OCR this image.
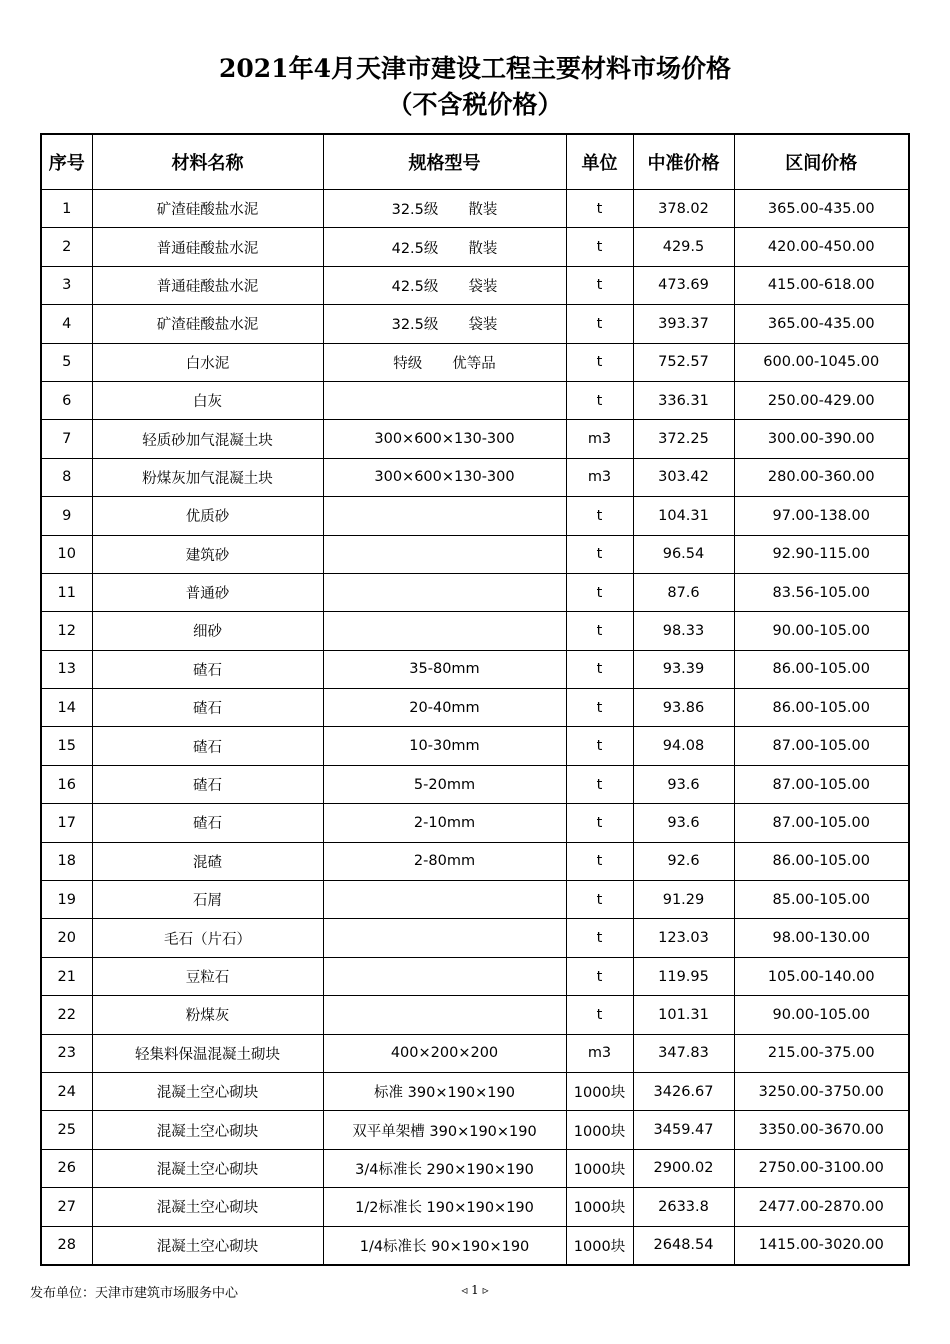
2021年4月天津市建设工程主要材料市场价格
（不含税价格）
序号	材料名称	规格型号	单位	中准价格	区间价格
1	矿渣硅酸盐水泥	32.5级 散装	t	378.02	365.00-435.00
2	普通硅酸盐水泥	42.5级 散装	t	429.5	420.00-450.00
3	普通硅酸盐水泥	42.5级 袋装	t	473.69	415.00-618.00
4	矿渣硅酸盐水泥	32.5级 袋装	t	393.37	365.00-435.00
5	白水泥	特级 优等品	t	752.57	600.00-1045.00
6	白灰		t	336.31	250.00-429.00
7	轻质砂加气混凝土块	300×600×130-300	m3	372.25	300.00-390.00
8	粉煤灰加气混凝土块	300×600×130-300	m3	303.42	280.00-360.00
9	优质砂		t	104.31	97.00-138.00
10	建筑砂		t	96.54	92.90-115.00
11	普通砂		t	87.6	83.56-105.00
12	细砂		t	98.33	90.00-105.00
13	碴石	35-80mm	t	93.39	86.00-105.00
14	碴石	20-40mm	t	93.86	86.00-105.00
15	碴石	10-30mm	t	94.08	87.00-105.00
16	碴石	5-20mm	t	93.6	87.00-105.00
17	碴石	2-10mm	t	93.6	87.00-105.00
18	混碴	2-80mm	t	92.6	86.00-105.00
19	石屑		t	91.29	85.00-105.00
20	毛石（片石）		t	123.03	98.00-130.00
21	豆粒石		t	119.95	105.00-140.00
22	粉煤灰		t	101.31	90.00-105.00
23	轻集料保温混凝土砌块	400×200×200	m3	347.83	215.00-375.00
24	混凝土空心砌块	标准 390×190×190	1000块	3426.67	3250.00-3750.00
25	混凝土空心砌块	双平单架槽 390×190×190	1000块	3459.47	3350.00-3670.00
26	混凝土空心砌块	3/4标准长 290×190×190	1000块	2900.02	2750.00-3100.00
27	混凝土空心砌块	1/2标准长 190×190×190	1000块	2633.8	2477.00-2870.00
28	混凝土空心砌块	1/4标准长 90×190×190	1000块	2648.54	1415.00-3020.00
发布单位：天津市建筑市场服务中心	◃ 1 ▹
